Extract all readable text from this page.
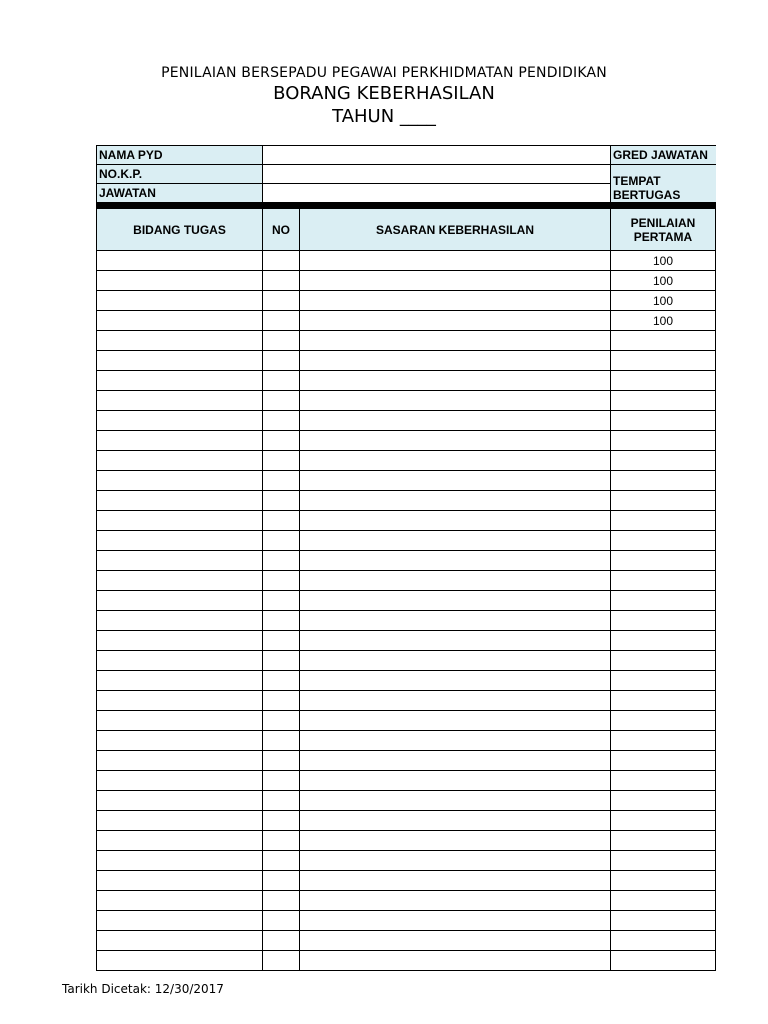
PENILAIAN BERSEPADU PEGAWAI PERKHIDMATAN PENDIDIKAN
BORANG KEBERHASILAN
TAHUN ____
NAMA PYD		GRED JAWATAN
NO.K.P.		TEMPAT BERTUGAS
JAWATAN		
BIDANG TUGAS	NO	SASARAN KEBERHASILAN	PENILAIAN PERTAMA
			100
			100
			100
			100

Tarikh Dicetak: 12/30/2017
